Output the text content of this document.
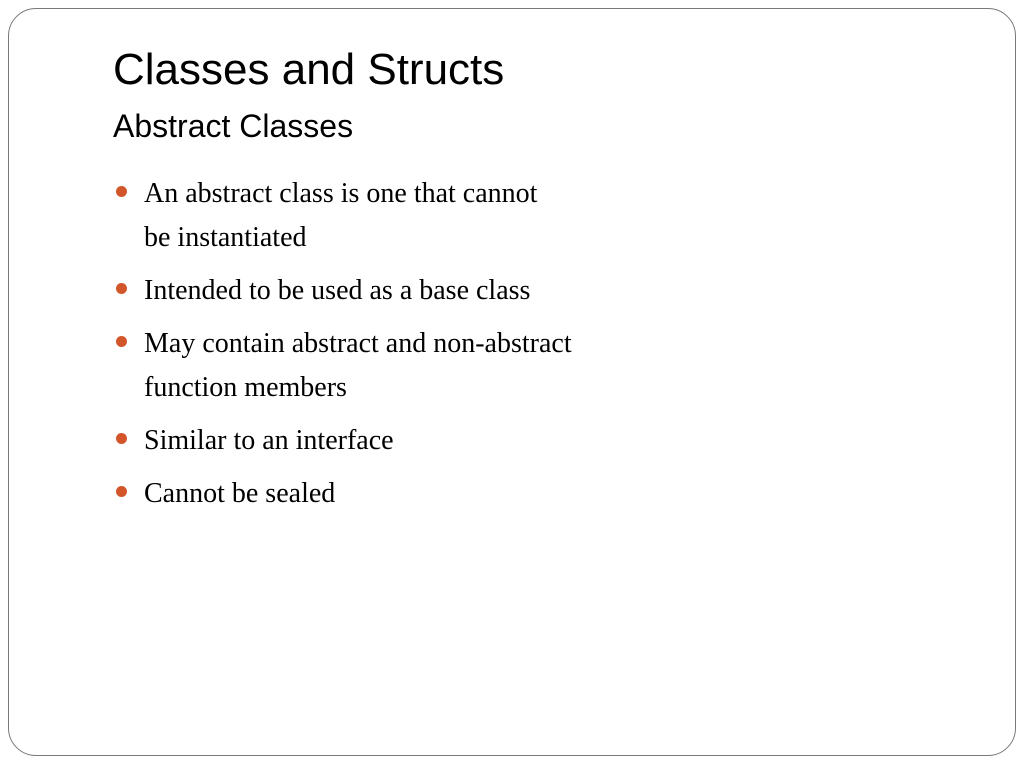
Classes and Structs
Abstract Classes
An abstract class is one that cannot
be instantiated
Intended to be used as a base class
May contain abstract and non-abstract
function members
Similar to an interface
Cannot be sealed
